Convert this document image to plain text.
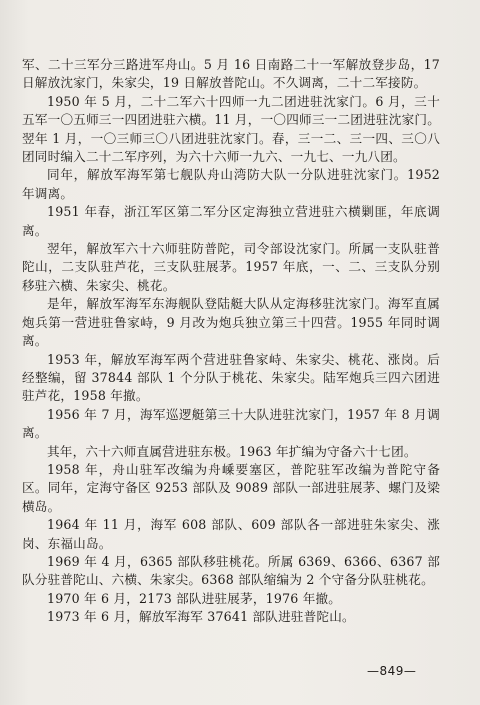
军、二十三军分三路进军舟山。5 月 16 日南路二十一军解放登步岛，17 日解放沈家门，朱家尖，19 日解放普陀山。不久调离，二十二军接防。

1950 年 5 月，二十二军六十四师一九二团进驻沈家门。6 月，三十五军一〇五师三一四团进驻六横。11 月，一〇四师三一二团进驻沈家门。翌年 1 月，一〇三师三〇八团进驻沈家门。春，三一二、三一四、三〇八团同时编入二十二军序列，为六十六师一九六、一九七、一九八团。

同年，解放军海军第七舰队舟山湾防大队一分队进驻沈家门。1952 年调离。

1951 年春，浙江军区第二军分区定海独立营进驻六横剿匪，年底调离。

翌年，解放军六十六师驻防普陀，司令部设沈家门。所属一支队驻普陀山，二支队驻芦花，三支队驻展茅。1957 年底，一、二、三支队分别移驻六横、朱家尖、桃花。

是年，解放军海军东海舰队登陆艇大队从定海移驻沈家门。海军直属炮兵第一营进驻鲁家峙，9 月改为炮兵独立第三十四营。1955 年同时调离。

1953 年，解放军海军两个营进驻鲁家峙、朱家尖、桃花、涨岗。后经整编，留 37844 部队 1 个分队于桃花、朱家尖。陆军炮兵三四六团进驻芦花，1958 年撤。

1956 年 7 月，海军巡逻艇第三十大队进驻沈家门，1957 年 8 月调离。

其年，六十六师直属营进驻东极。1963 年扩编为守备六十七团。

1958 年，舟山驻军改编为舟嵊要塞区，普陀驻军改编为普陀守备区。同年，定海守备区 9253 部队及 9089 部队一部进驻展茅、螺门及梁横岛。

1964 年 11 月，海军 608 部队、609 部队各一部进驻朱家尖、涨岗、东福山岛。

1969 年 4 月，6365 部队移驻桃花。所属 6369、6366、6367 部队分驻普陀山、六横、朱家尖。6368 部队缩编为 2 个守备分队驻桃花。

1970 年 6 月，2173 部队进驻展茅，1976 年撤。

1973 年 6 月，解放军海军 37641 部队进驻普陀山。

—849—
